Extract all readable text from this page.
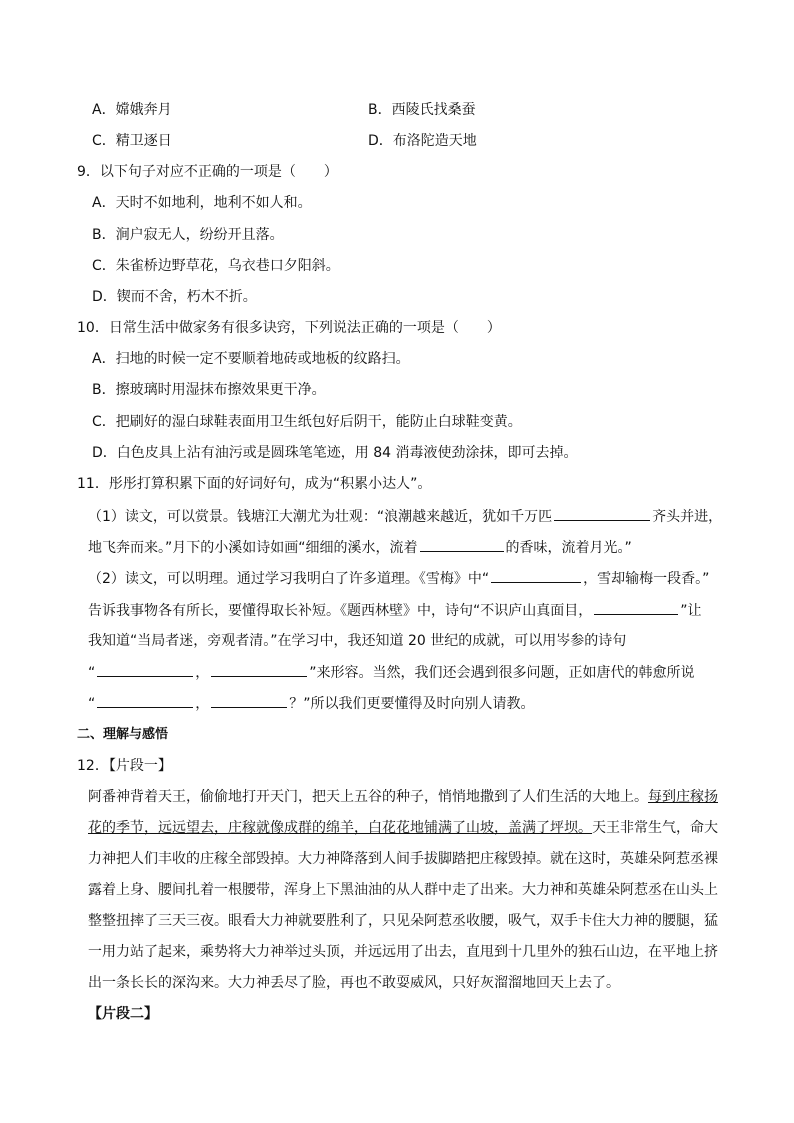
A．嫦娥奔月	B．西陵氏找桑蚕
C．精卫逐日	D．布洛陀造天地
9．以下句子对应不正确的一项是（　　）
A．天时不如地利，地利不如人和。
B．涧户寂无人，纷纷开且落。
C．朱雀桥边野草花，乌衣巷口夕阳斜。
D．锲而不舍，朽木不折。
10．日常生活中做家务有很多诀窍，下列说法正确的一项是（　　）
A．扫地的时候一定不要顺着地砖或地板的纹路扫。
B．擦玻璃时用湿抹布擦效果更干净。
C．把刷好的湿白球鞋表面用卫生纸包好后阴干，能防止白球鞋变黄。
D．白色皮具上沾有油污或是圆珠笔笔迹，用 84 消毒液使劲涂抹，即可去掉。
11．彤彤打算积累下面的好词好句，成为“积累小达人”。
（1）读文，可以赏景。钱塘江大潮尤为壮观：“浪潮越来越近，犹如千万匹	齐头并进，
地飞奔而来。”月下的小溪如诗如画“细细的溪水，流着	的香味，流着月光。”
（2）读文，可以明理。通过学习我明白了许多道理。《雪梅》中“	，雪却输梅一段香。”
告诉我事物各有所长，要懂得取长补短。《题西林壁》中，诗句“不识庐山真面目，	”让
我知道“当局者迷，旁观者清。”在学习中，我还知道 20 世纪的成就，可以用岑参的诗句
“	，	”来形容。当然，我们还会遇到很多问题，正如唐代的韩愈所说
“	，	？”所以我们更要懂得及时向别人请教。
二、理解与感悟
12．【片段一】
阿番神背着天王，偷偷地打开天门，把天上五谷的种子，悄悄地撒到了人们生活的大地上。每到庄稼扬
花的季节，远远望去，庄稼就像成群的绵羊，白花花地铺满了山坡，盖满了坪坝。天王非常生气，命大
力神把人们丰收的庄稼全部毁掉。大力神降落到人间手拔脚踏把庄稼毁掉。就在这时，英雄朵阿惹丞裸
露着上身、腰间扎着一根腰带，浑身上下黑油油的从人群中走了出来。大力神和英雄朵阿惹丞在山头上
整整扭摔了三天三夜。眼看大力神就要胜利了，只见朵阿惹丞收腰，吸气，双手卡住大力神的腰腿，猛
一用力站了起来，乘势将大力神举过头顶，并远远用了出去，直甩到十几里外的独石山边，在平地上挤
出一条长长的深沟来。大力神丢尽了脸，再也不敢耍威风，只好灰溜溜地回天上去了。
【片段二】
